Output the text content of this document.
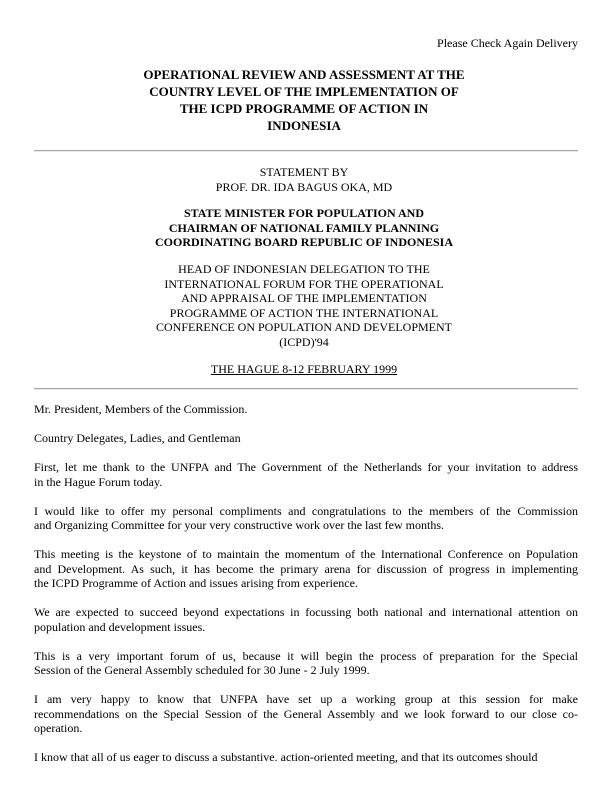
Please Check Again Delivery
OPERATIONAL REVIEW AND ASSESSMENT AT THE
COUNTRY LEVEL OF THE IMPLEMENTATION OF
THE ICPD PROGRAMME OF ACTION IN
INDONESIA
STATEMENT BY
PROF. DR. IDA BAGUS OKA, MD
STATE MINISTER FOR POPULATION AND
CHAIRMAN OF NATIONAL FAMILY PLANNING
COORDINATING BOARD REPUBLIC OF INDONESIA
HEAD OF INDONESIAN DELEGATION TO THE
INTERNATIONAL FORUM FOR THE OPERATIONAL
AND APPRAISAL OF THE IMPLEMENTATION
PROGRAMME OF ACTION THE INTERNATIONAL
CONFERENCE ON POPULATION AND DEVELOPMENT
(ICPD)'94
THE HAGUE 8-12 FEBRUARY 1999

Mr. President, Members of the Commission.

Country Delegates, Ladies, and Gentleman

First, let me thank to the UNFPA and The Government of the Netherlands for your invitation to address
in the Hague Forum today.

I would like to offer my personal compliments and congratulations to the members of the Commission
and Organizing Committee for your very constructive work over the last few months.

This meeting is the keystone of to maintain the momentum of the International Conference on Population
and Development. As such, it has become the primary arena for discussion of progress in implementing
the ICPD Programme of Action and issues arising from experience.

We are expected to succeed beyond expectations in focussing both national and international attention on
population and development issues.

This is a very important forum of us, because it will begin the process of preparation for the Special
Session of the General Assembly scheduled for 30 June - 2 July 1999.

I am very happy to know that UNFPA have set up a working group at this session for make
recommendations on the Special Session of the General Assembly and we look forward to our close co-
operation.

I know that all of us eager to discuss a substantive. action-oriented meeting, and that its outcomes should
